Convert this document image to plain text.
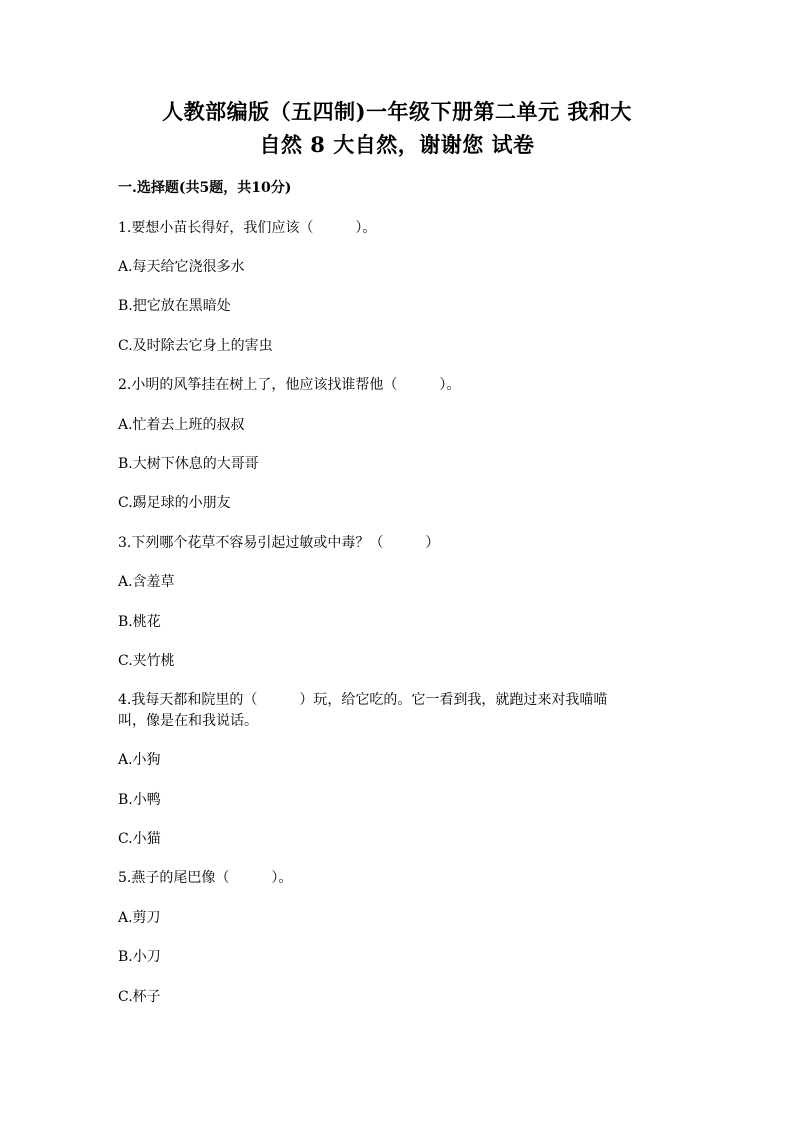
人教部编版（五四制)一年级下册第二单元 我和大
自然 8 大自然，谢谢您 试卷
一.选择题(共5题，共10分)
1.要想小苗长得好，我们应该（　　　）。
A.每天给它浇很多水
B.把它放在黑暗处
C.及时除去它身上的害虫
2.小明的风筝挂在树上了，他应该找谁帮他（　　　）。
A.忙着去上班的叔叔
B.大树下休息的大哥哥
C.踢足球的小朋友
3.下列哪个花草不容易引起过敏或中毒？（　　　）
A.含羞草
B.桃花
C.夹竹桃
4.我每天都和院里的（　　　）玩，给它吃的。它一看到我，就跑过来对我喵喵
叫，像是在和我说话。
A.小狗
B.小鸭
C.小猫
5.燕子的尾巴像（　　　）。
A.剪刀
B.小刀
C.杯子
